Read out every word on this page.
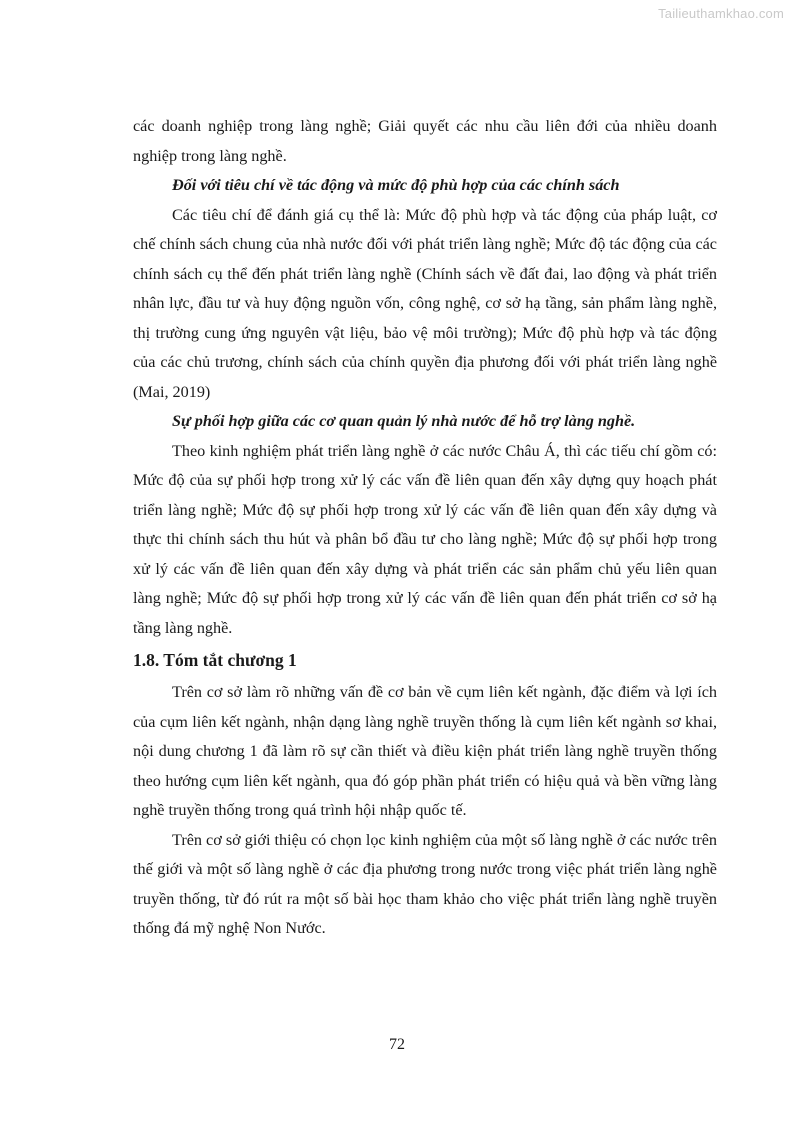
Tailieuthamkhao.com

các doanh nghiệp trong làng nghề; Giải quyết các nhu cầu liên đới của nhiều doanh nghiệp trong làng nghề.

Đối với tiêu chí về tác động và mức độ phù hợp của các chính sách

Các tiêu chí để đánh giá cụ thể là: Mức độ phù hợp và tác động của pháp luật, cơ chế chính sách chung của nhà nước đối với phát triển làng nghề; Mức độ tác động của các chính sách cụ thể đến phát triển làng nghề (Chính sách về đất đai, lao động và phát triển nhân lực, đầu tư và huy động nguồn vốn, công nghệ, cơ sở hạ tầng, sản phẩm làng nghề, thị trường cung ứng nguyên vật liệu, bảo vệ môi trường); Mức độ phù hợp và tác động của các chủ trương, chính sách của chính quyền địa phương đối với phát triển làng nghề (Mai, 2019)

Sự phối hợp giữa các cơ quan quản lý nhà nước để hỗ trợ làng nghề.

Theo kinh nghiệm phát triển làng nghề ở các nước Châu Á, thì các tiếu chí gồm có: Mức độ của sự phối hợp trong xử lý các vấn đề liên quan đến xây dựng quy hoạch phát triển làng nghề; Mức độ sự phối hợp trong xử lý các vấn đề liên quan đến xây dựng và thực thi chính sách thu hút và phân bổ đầu tư cho làng nghề; Mức độ sự phối hợp trong xử lý các vấn đề liên quan đến xây dựng và phát triển các sản phẩm chủ yếu liên quan làng nghề; Mức độ sự phối hợp trong xử lý các vấn đề liên quan đến phát triển cơ sở hạ tầng làng nghề.

1.8. Tóm tắt chương 1

Trên cơ sở làm rõ những vấn đề cơ bản về cụm liên kết ngành, đặc điểm và lợi ích của cụm liên kết ngành, nhận dạng làng nghề truyền thống là cụm liên kết ngành sơ khai, nội dung chương 1 đã làm rõ sự cần thiết và điều kiện phát triển làng nghề truyền thống theo hướng cụm liên kết ngành, qua đó góp phần phát triển có hiệu quả và bền vững làng nghề truyền thống trong quá trình hội nhập quốc tế.

Trên cơ sở giới thiệu có chọn lọc kinh nghiệm của một số làng nghề ở các nước trên thế giới và một số làng nghề ở các địa phương trong nước trong việc phát triển làng nghề truyền thống, từ đó rút ra một số bài học tham khảo cho việc phát triển làng nghề truyền thống đá mỹ nghệ Non Nước.

72
